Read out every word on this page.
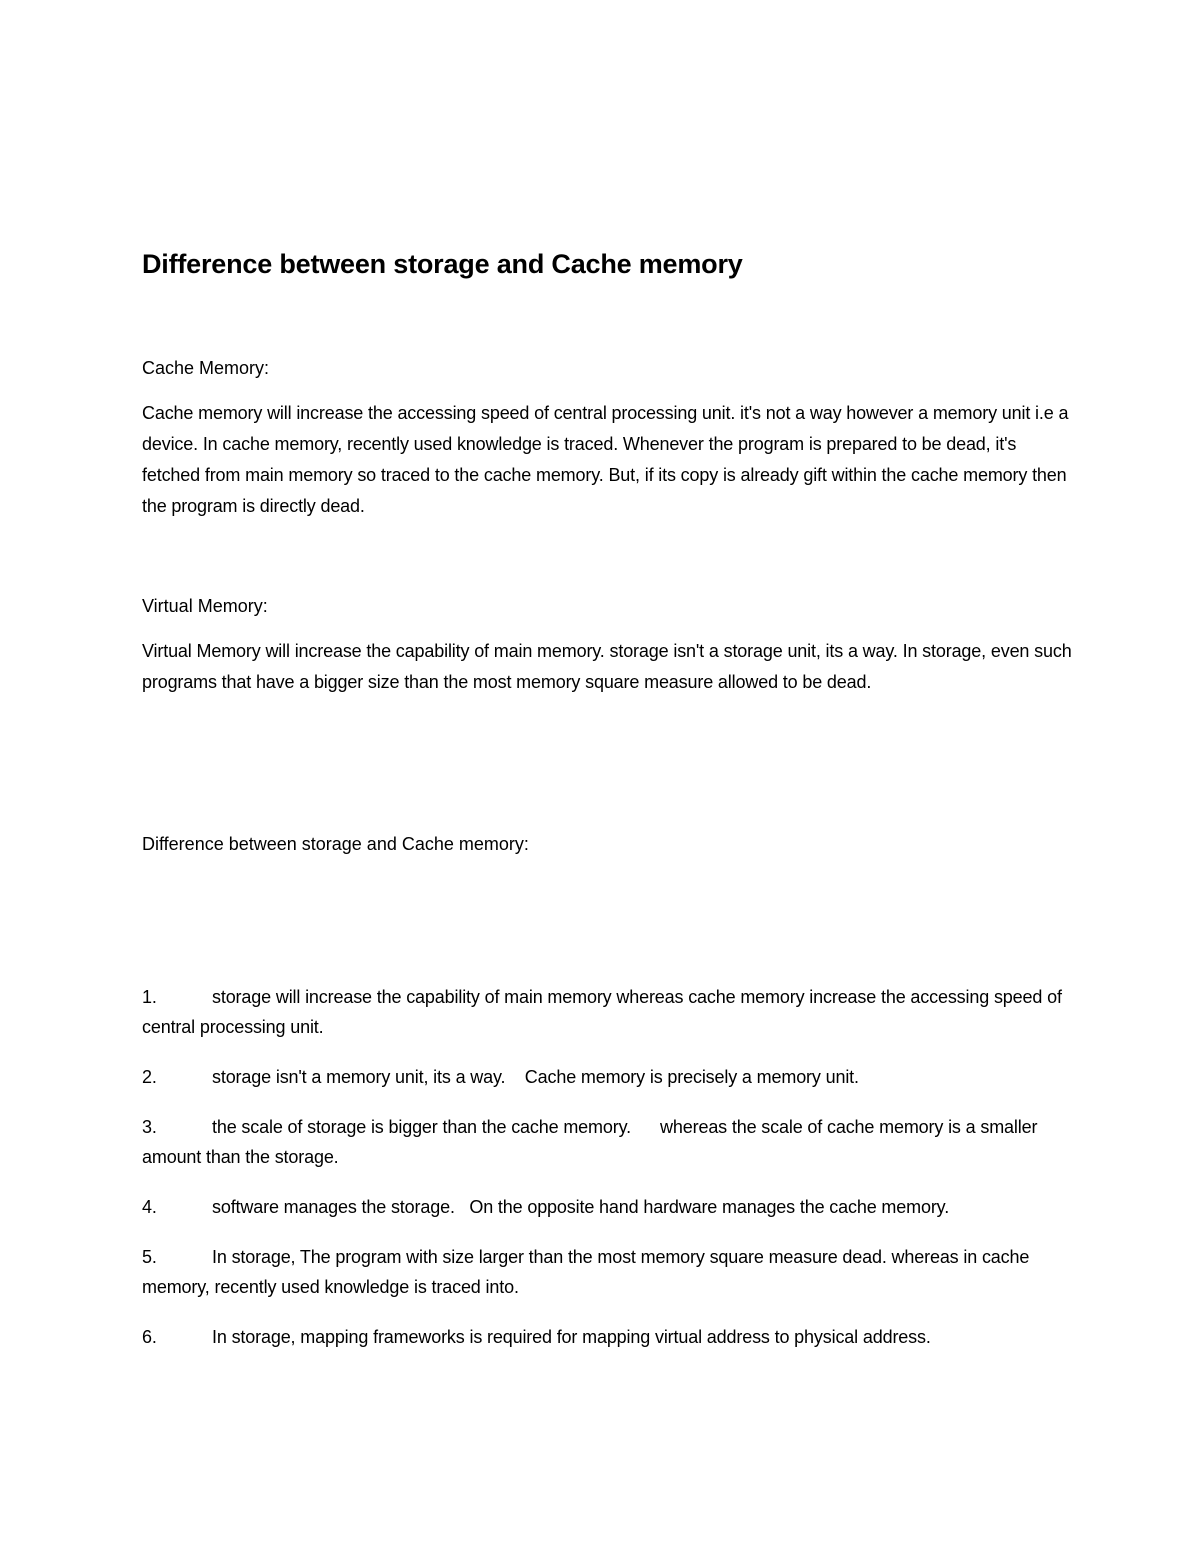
Difference between storage and Cache memory

Cache Memory:

Cache memory will increase the accessing speed of central processing unit. it's not a way however a memory unit i.e a device. In cache memory, recently used knowledge is traced. Whenever the program is prepared to be dead, it's fetched from main memory so traced to the cache memory. But, if its copy is already gift within the cache memory then the program is directly dead.

Virtual Memory:

Virtual Memory will increase the capability of main memory. storage isn't a storage unit, its a way. In storage, even such programs that have a bigger size than the most memory square measure allowed to be dead.

Difference between storage and Cache memory:

1.	storage will increase the capability of main memory whereas cache memory increase the accessing speed of central processing unit.
2.	storage isn't a memory unit, its a way.    Cache memory is precisely a memory unit.
3.	the scale of storage is bigger than the cache memory.      whereas the scale of cache memory is a smaller amount than the storage.
4.	software manages the storage.   On the opposite hand hardware manages the cache memory.
5.	In storage, The program with size larger than the most memory square measure dead. whereas in cache memory, recently used knowledge is traced into.
6.	In storage, mapping frameworks is required for mapping virtual address to physical address.
